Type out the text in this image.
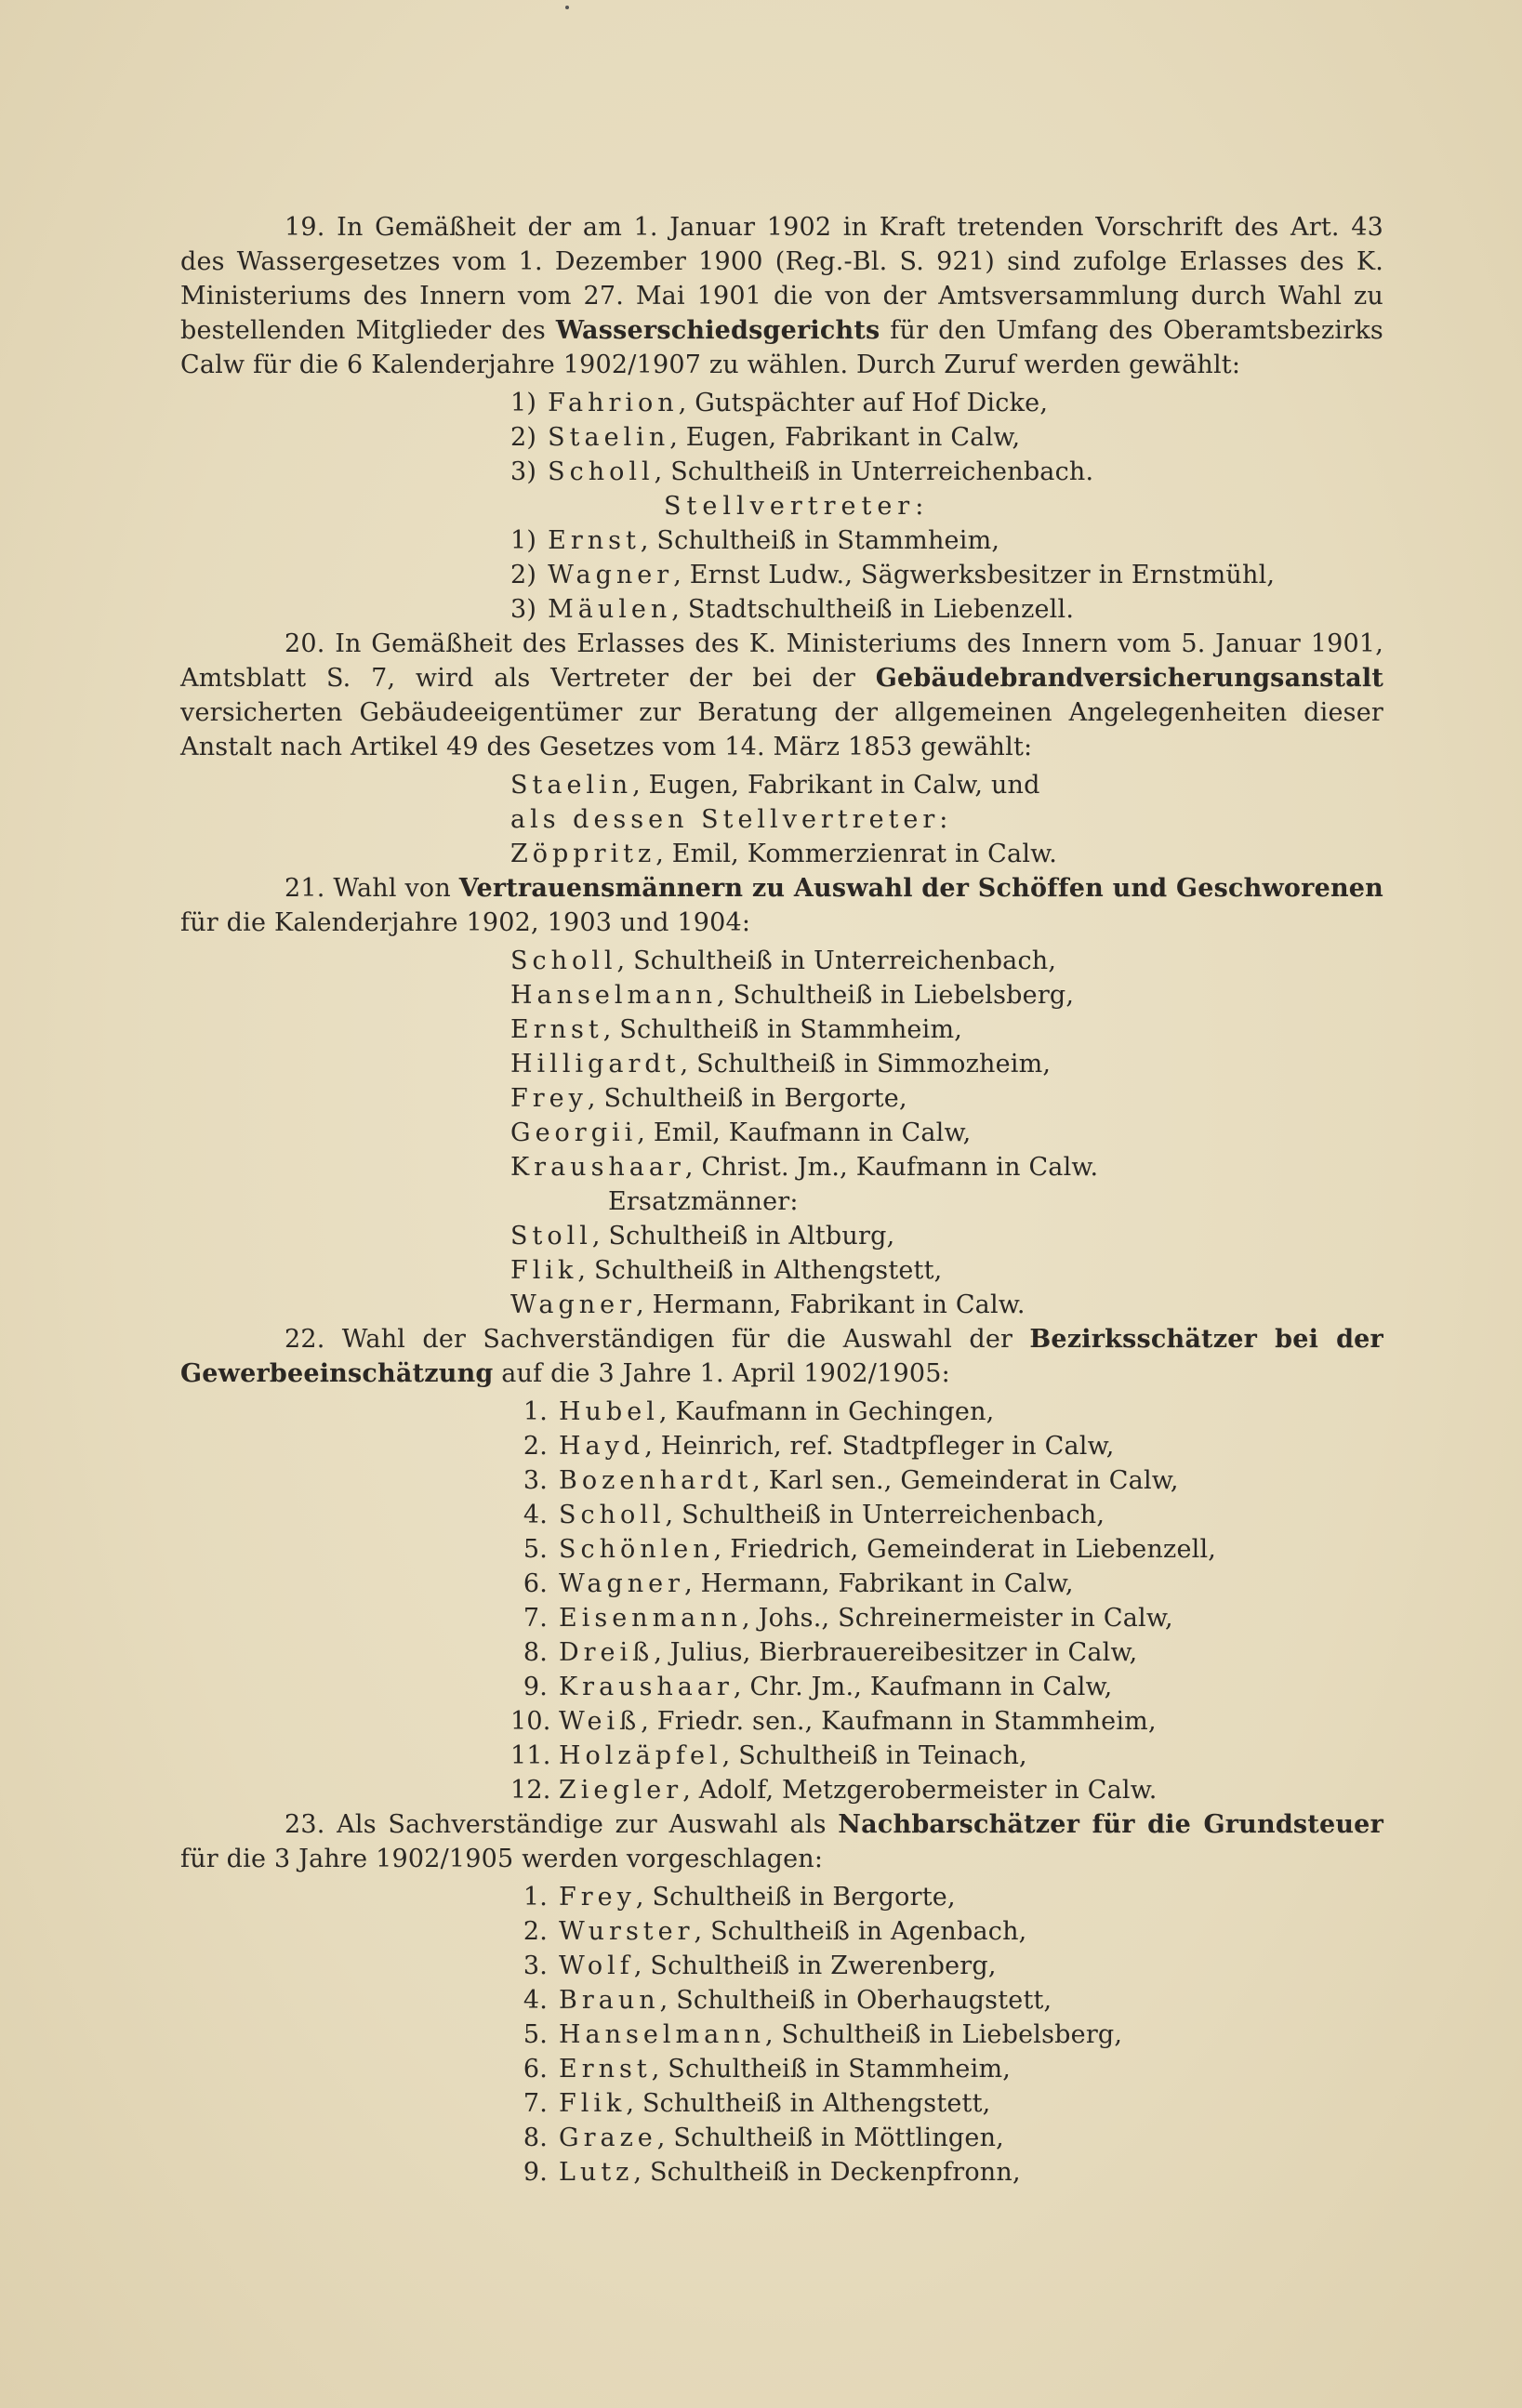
19. In Gemäßheit der am 1. Januar 1902 in Kraft tretenden Vorschrift des Art. 43 des Wassergesetzes vom 1. Dezember 1900 (Reg.-Bl. S. 921) sind zufolge Erlasses des K. Ministeriums des Innern vom 27. Mai 1901 die von der Amtsversammlung durch Wahl zu bestellenden Mitglieder des Wasserschiedsgerichts für den Umfang des Oberamtsbezirks Calw für die 6 Kalenderjahre 1902/1907 zu wählen. Durch Zuruf werden gewählt:

1) Fahrion, Gutspächter auf Hof Dicke,
2) Staelin, Eugen, Fabrikant in Calw,
3) Scholl, Schultheiß in Unterreichenbach.
Stellvertreter:
1) Ernst, Schultheiß in Stammheim,
2) Wagner, Ernst Ludw., Sägwerksbesitzer in Ernstmühl,
3) Mäulen, Stadtschultheiß in Liebenzell.

20. In Gemäßheit des Erlasses des K. Ministeriums des Innern vom 5. Januar 1901, Amtsblatt S. 7, wird als Vertreter der bei der Gebäudebrandversicherungsanstalt versicherten Gebäudeeigentümer zur Beratung der allgemeinen Angelegenheiten dieser Anstalt nach Artikel 49 des Gesetzes vom 14. März 1853 gewählt:

Staelin, Eugen, Fabrikant in Calw, und
als dessen Stellvertreter:
Zöppritz, Emil, Kommerzienrat in Calw.

21. Wahl von Vertrauensmännern zu Auswahl der Schöffen und Geschworenen für die Kalenderjahre 1902, 1903 und 1904:

Scholl, Schultheiß in Unterreichenbach,
Hanselmann, Schultheiß in Liebelsberg,
Ernst, Schultheiß in Stammheim,
Hilligardt, Schultheiß in Simmozheim,
Frey, Schultheiß in Bergorte,
Georgii, Emil, Kaufmann in Calw,
Kraushaar, Christ. Jm., Kaufmann in Calw.
Ersatzmänner:
Stoll, Schultheiß in Altburg,
Flik, Schultheiß in Althengstett,
Wagner, Hermann, Fabrikant in Calw.

22. Wahl der Sachverständigen für die Auswahl der Bezirksschätzer bei der Gewerbeeinschätzung auf die 3 Jahre 1. April 1902/1905:

1. Hubel, Kaufmann in Gechingen,
2. Hayd, Heinrich, ref. Stadtpfleger in Calw,
3. Bozenhardt, Karl sen., Gemeinderat in Calw,
4. Scholl, Schultheiß in Unterreichenbach,
5. Schönlen, Friedrich, Gemeinderat in Liebenzell,
6. Wagner, Hermann, Fabrikant in Calw,
7. Eisenmann, Johs., Schreinermeister in Calw,
8. Dreiß, Julius, Bierbrauereibesitzer in Calw,
9. Kraushaar, Chr. Jm., Kaufmann in Calw,
10. Weiß, Friedr. sen., Kaufmann in Stammheim,
11. Holzäpfel, Schultheiß in Teinach,
12. Ziegler, Adolf, Metzgerobermeister in Calw.

23. Als Sachverständige zur Auswahl als Nachbarschätzer für die Grundsteuer für die 3 Jahre 1902/1905 werden vorgeschlagen:

1. Frey, Schultheiß in Bergorte,
2. Wurster, Schultheiß in Agenbach,
3. Wolf, Schultheiß in Zwerenberg,
4. Braun, Schultheiß in Oberhaugstett,
5. Hanselmann, Schultheiß in Liebelsberg,
6. Ernst, Schultheiß in Stammheim,
7. Flik, Schultheiß in Althengstett,
8. Graze, Schultheiß in Möttlingen,
9. Lutz, Schultheiß in Deckenpfronn,
